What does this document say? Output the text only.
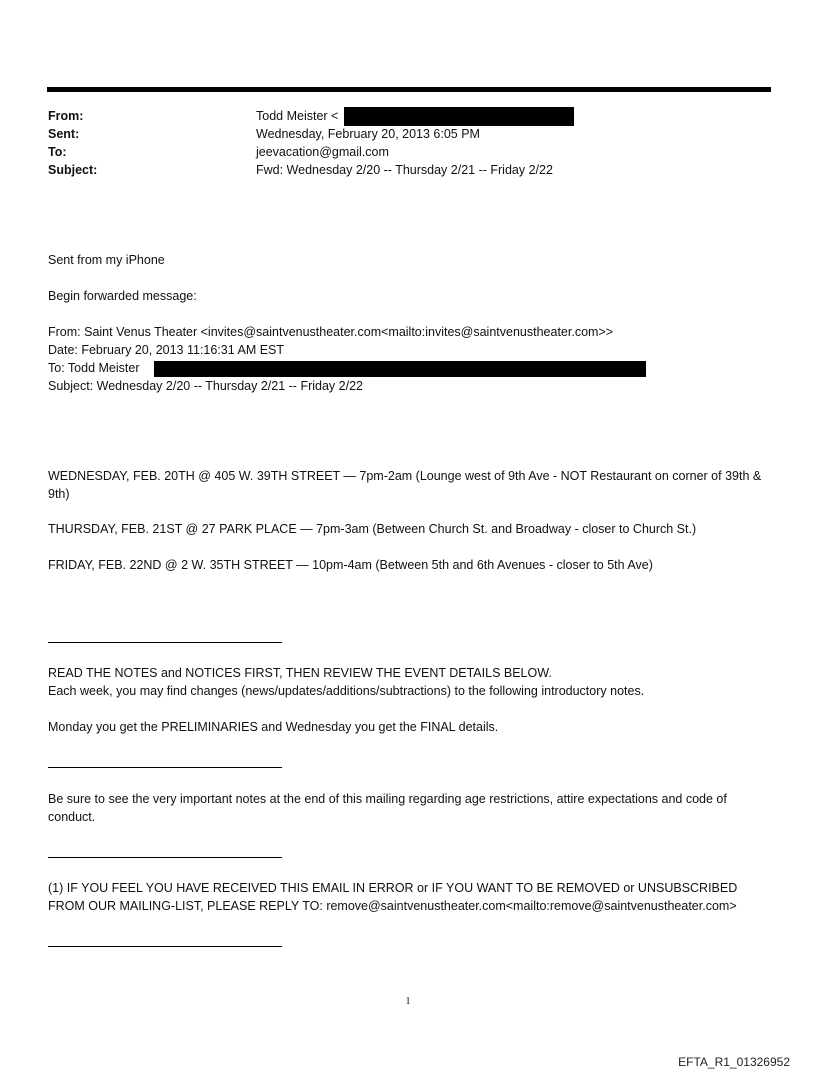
From:
Sent:
To:
Subject:
Todd Meister <
Wednesday, February 20, 2013 6:05 PM
jeevacation@gmail.com
Fwd: Wednesday 2/20 -- Thursday 2/21 -- Friday 2/22
Sent from my iPhone
Begin forwarded message:
From: Saint Venus Theater <invites@saintvenustheater.com<mailto:invites@saintvenustheater.com>>
Date: February 20, 2013 11:16:31 AM EST
To: Todd Meister
Subject: Wednesday 2/20 -- Thursday 2/21 -- Friday 2/22
WEDNESDAY, FEB. 20TH @ 405 W. 39TH STREET — 7pm-2am (Lounge west of 9th Ave - NOT Restaurant on corner of 39th & 9th)
THURSDAY, FEB. 21ST @ 27 PARK PLACE — 7pm-3am (Between Church St. and Broadway - closer to Church St.)
FRIDAY, FEB. 22ND @ 2 W. 35TH STREET — 10pm-4am (Between 5th and 6th Avenues - closer to 5th Ave)
READ THE NOTES and NOTICES FIRST, THEN REVIEW THE EVENT DETAILS BELOW.
Each week, you may find changes (news/updates/additions/subtractions) to the following introductory notes.
Monday you get the PRELIMINARIES and Wednesday you get the FINAL details.
Be sure to see the very important notes at the end of this mailing regarding age restrictions, attire expectations and code of conduct.
(1) IF YOU FEEL YOU HAVE RECEIVED THIS EMAIL IN ERROR or IF YOU WANT TO BE REMOVED or UNSUBSCRIBED FROM OUR MAILING-LIST, PLEASE REPLY TO: remove@saintvenustheater.com<mailto:remove@saintvenustheater.com>
1
EFTA_R1_01326952
